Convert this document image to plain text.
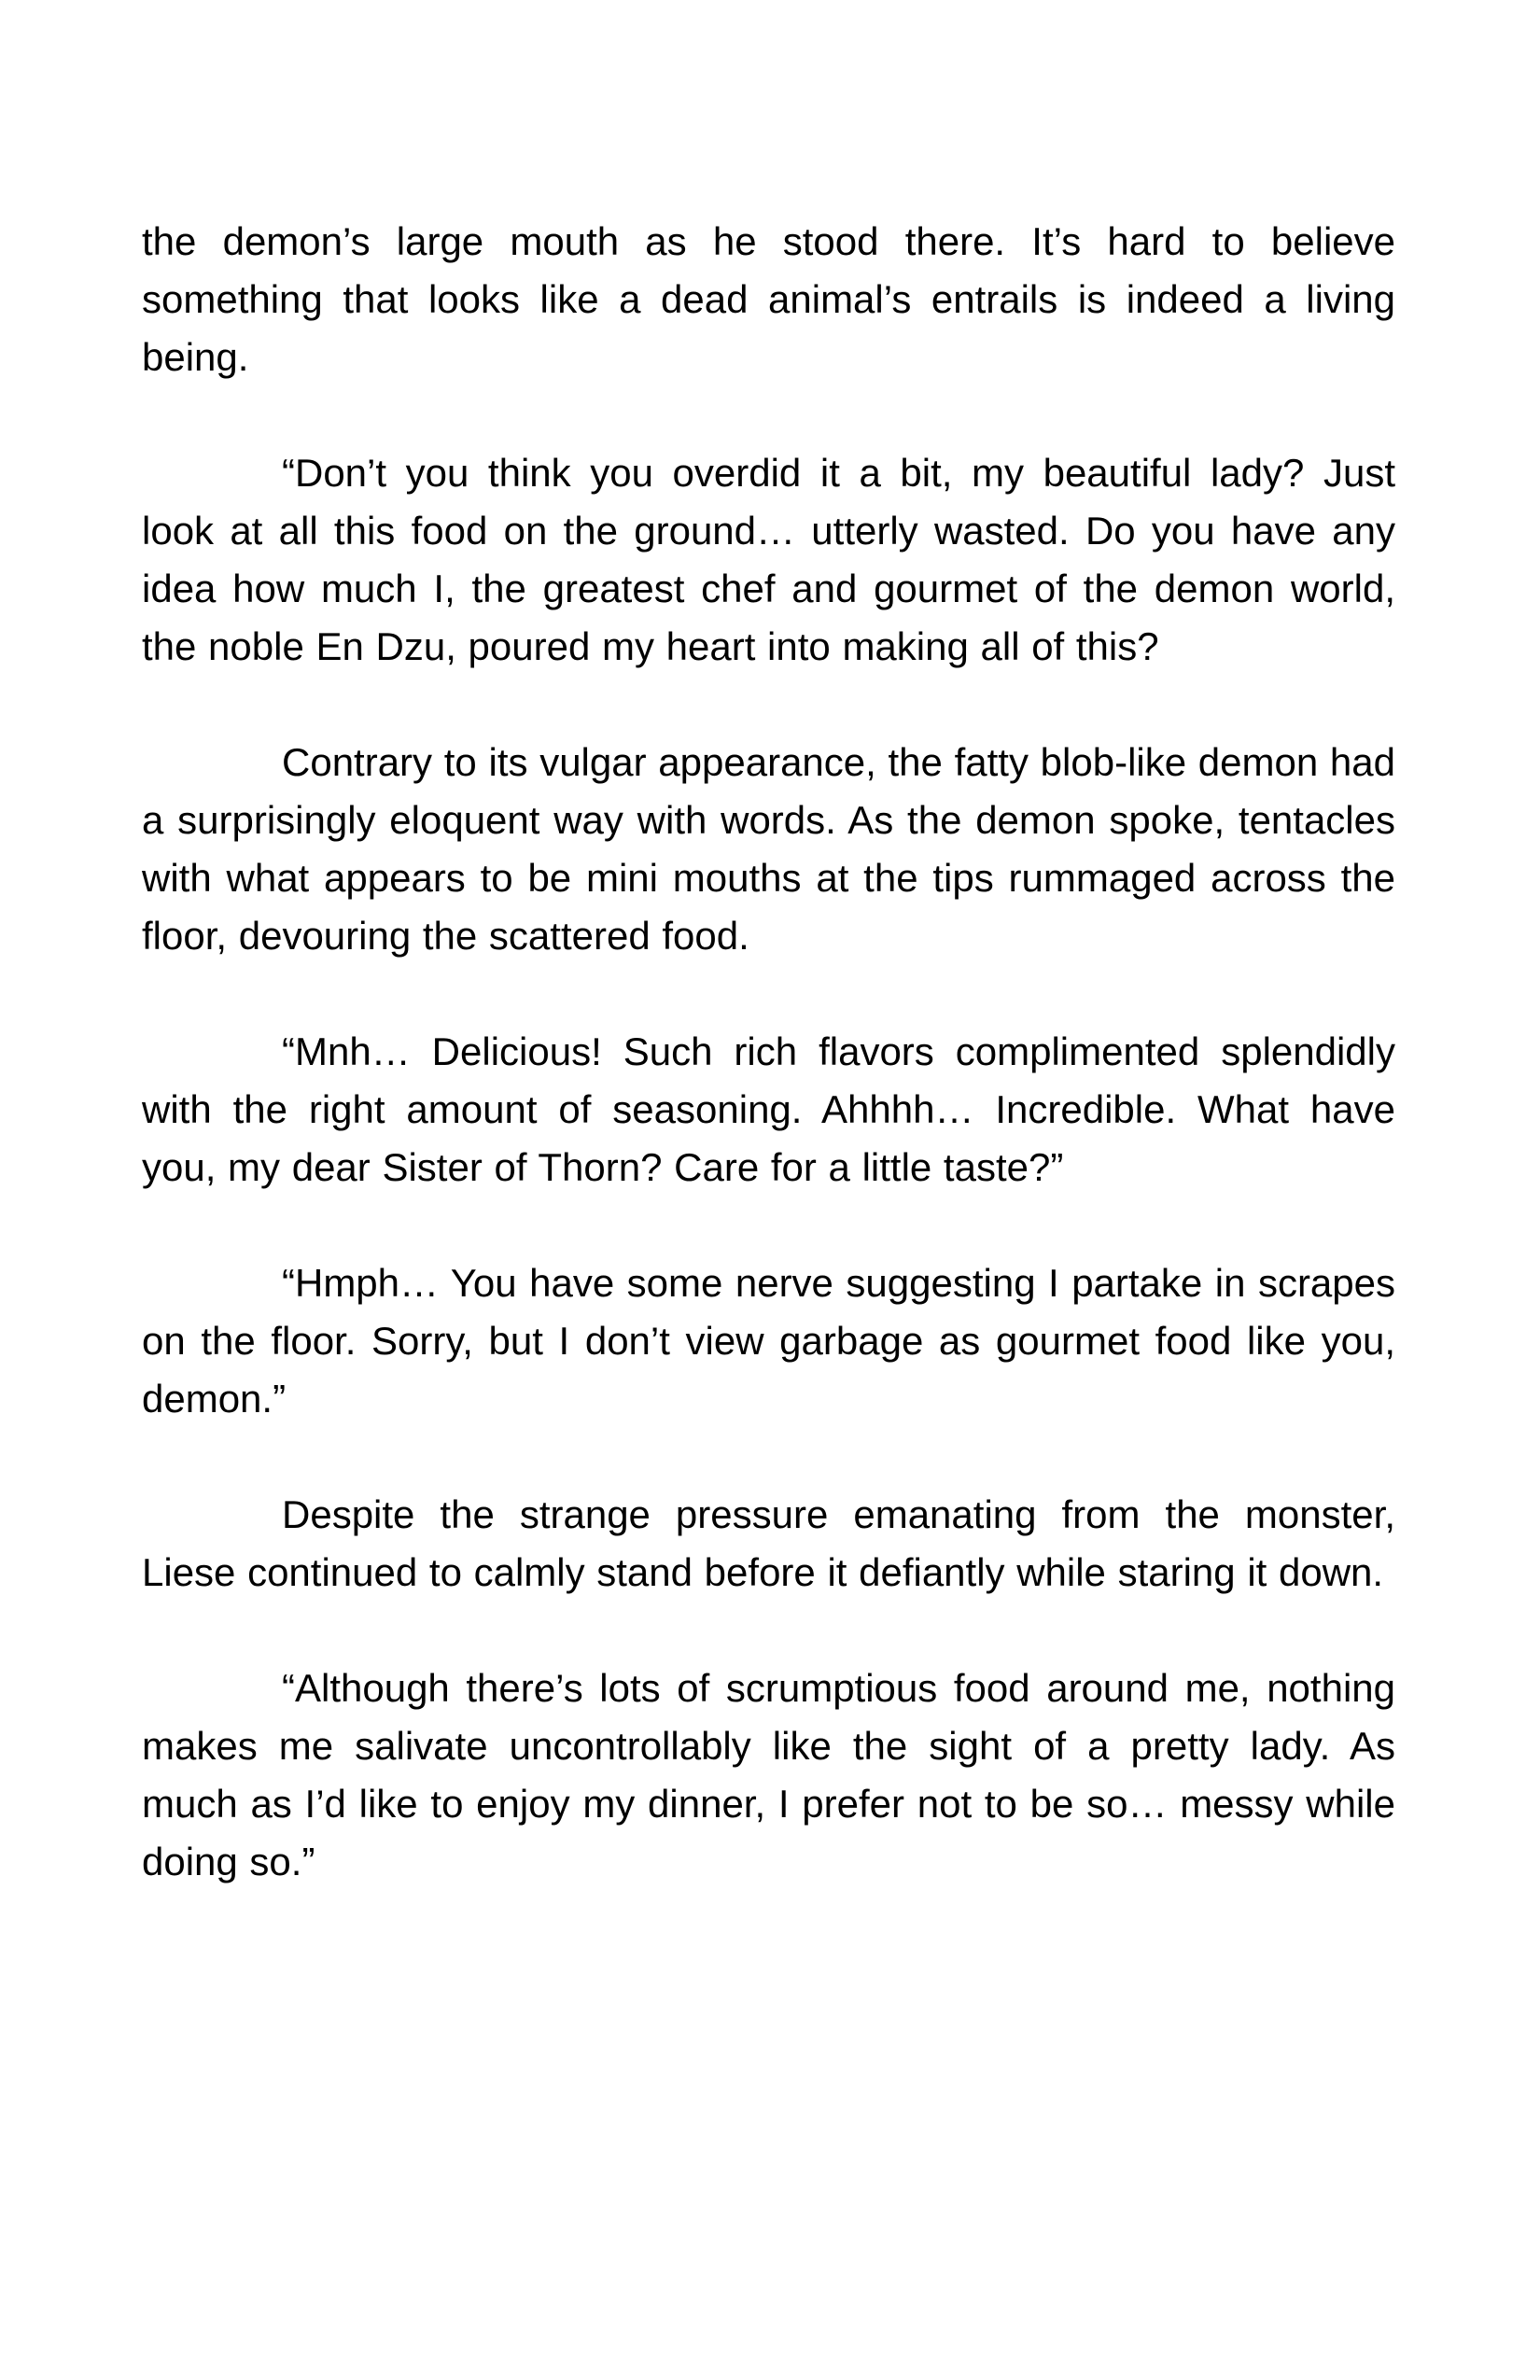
the demon’s large mouth as he stood there. It’s hard to believe something that looks like a dead animal’s entrails is indeed a living being.

“Don’t you think you overdid it a bit, my beautiful lady? Just look at all this food on the ground… utterly wasted. Do you have any idea how much I, the greatest chef and gourmet of the demon world, the noble En Dzu, poured my heart into making all of this?

Contrary to its vulgar appearance, the fatty blob-like demon had a surprisingly eloquent way with words. As the demon spoke, tentacles with what appears to be mini mouths at the tips rummaged across the floor, devouring the scattered food.

“Mnh… Delicious! Such rich flavors complimented splendidly with the right amount of seasoning. Ahhhh… Incredible. What have you, my dear Sister of Thorn? Care for a little taste?”

“Hmph… You have some nerve suggesting I partake in scrapes on the floor. Sorry, but I don’t view garbage as gourmet food like you, demon.”

Despite the strange pressure emanating from the monster, Liese continued to calmly stand before it defiantly while staring it down.

“Although there’s lots of scrumptious food around me, nothing makes me salivate uncontrollably like the sight of a pretty lady. As much as I’d like to enjoy my dinner, I prefer not to be so… messy while doing so.”
